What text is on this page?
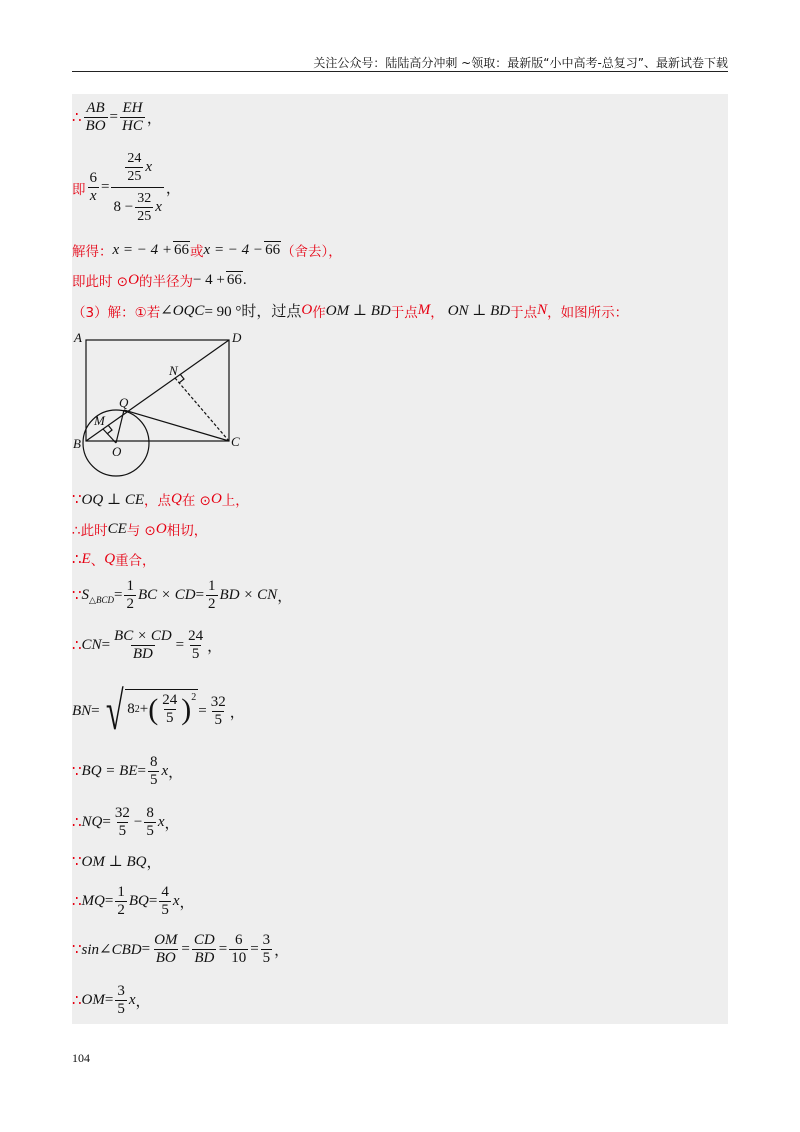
关注公众号：陆陆高分冲刺 ~领取：最新版“小中高考-总复习”、最新试卷下载
∴ $\frac{AB}{BO} = \frac{EH}{HC}$ ，
即 $\frac{6}{x} = \frac{\frac{24}{25} x}{8 - \frac{32}{25} x}$ ，
解得： x = − 4 + 66 或 x = − 4 − 66 （舍去），
即此时 ⊙ O 的半径为 − 4 + 66 .
（3）解：①若 ∠OQC = 90 °时，过点 O 作 OM ⊥ BD 于点 M ， ON ⊥ BD 于点 N ，如图所示：
A	D
B	C
N
Q
M
O
∵ OQ ⊥ CE ，点 Q 在 ⊙ O 上，
∴此时 CE 与 ⊙ O 相切，
∴ E 、 Q 重合，
∵ S △BCD = $\frac{1}{2}$ BC × CD = $\frac{1}{2}$ BD × CN ，
∴ CN = $\frac{BC \times CD}{BD} = \frac{24}{5}$ ，
BN = √ 8 2 + ( $\frac{24}{5} )^2$
= $\frac{32}{5}$ ，
∵ BQ = BE = $\frac{8}{5}$ x ，
∴ NQ = $\frac{32}{5} - \frac{8}{5}$ x ，
∵ OM ⊥ BQ ，
∴ MQ = $\frac{1}{2}$ BQ = $\frac{4}{5}$ x ，
∵ sin∠CBD = $\frac{OM}{BO} = \frac{CD}{BD} = \frac{6}{10} = \frac{3}{5}$ ，
∴ OM = $\frac{3}{5}$ x ，
104
